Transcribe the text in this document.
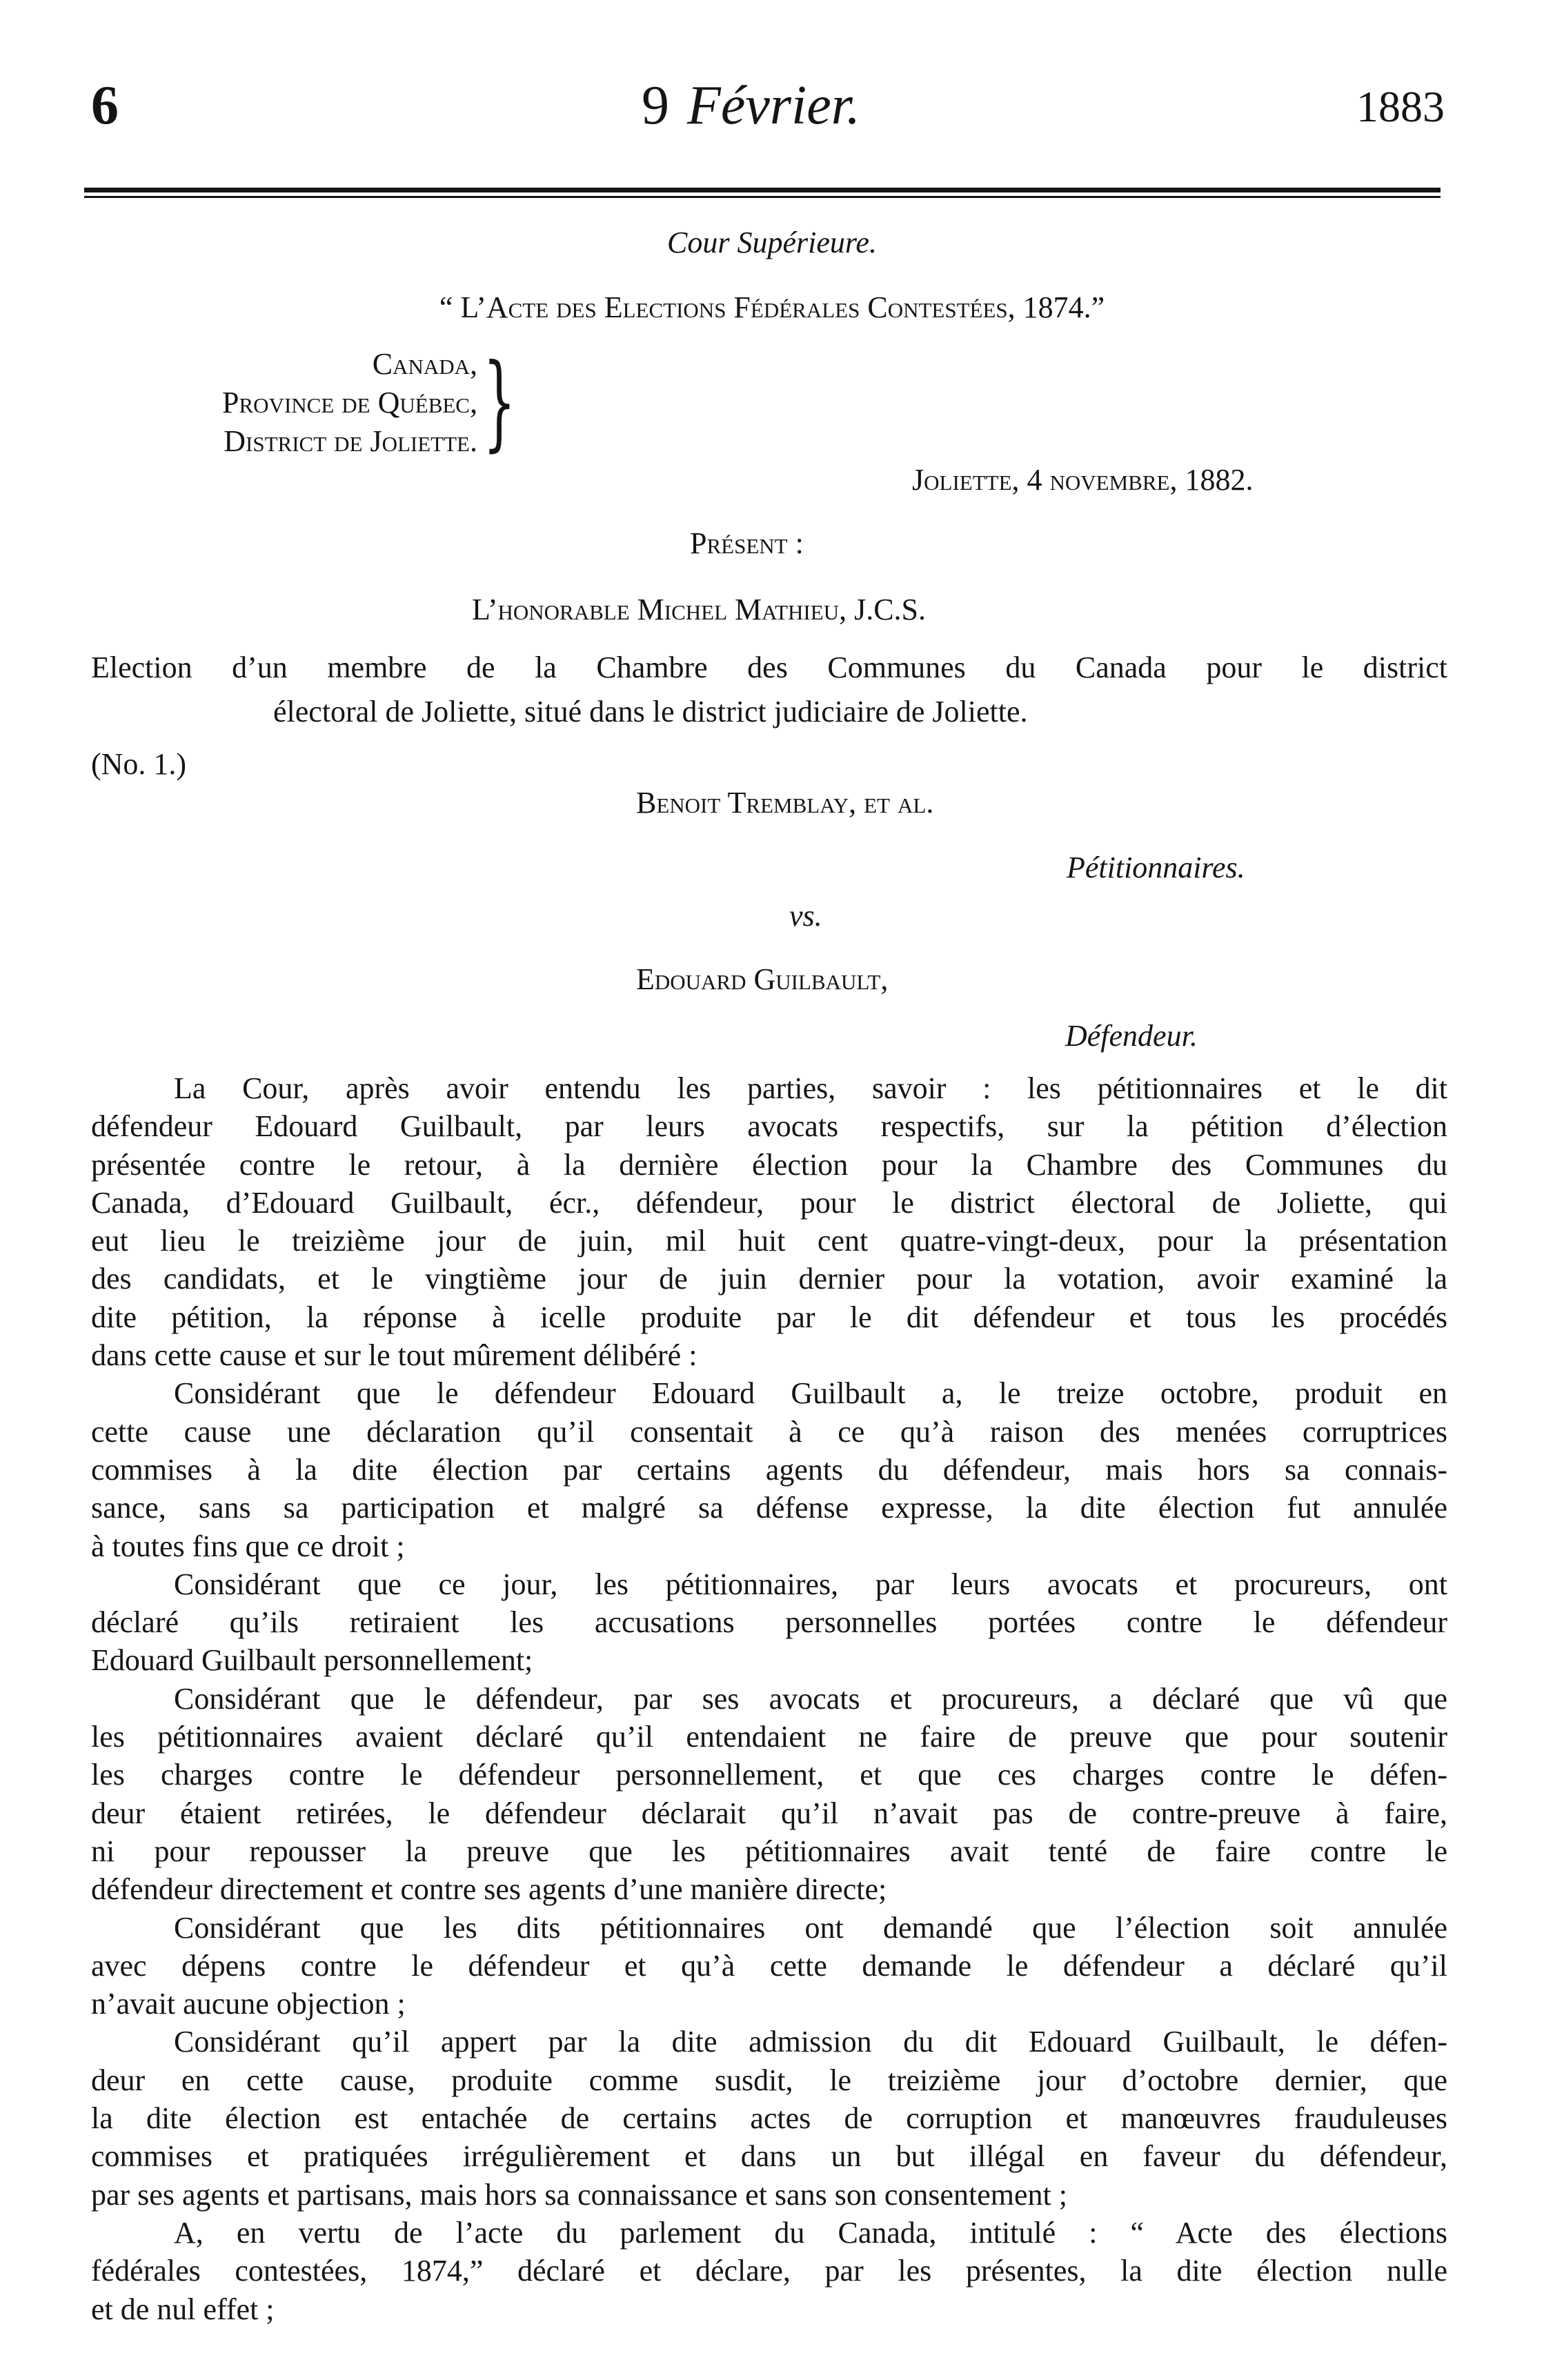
6	9 Février.	1883
Cour Supérieure.
“ L’Acte des Elections Fédérales Contestées, 1874.”
Canada,
Province de Québec,
District de Joliette. }
Joliette, 4 novembre, 1882.
Présent :
L’honorable Michel Mathieu, J.C.S.
Election d’un membre de la Chambre des Communes du Canada pour le district
électoral de Joliette, situé dans le district judiciaire de Joliette.
(No. 1.)
Benoit Tremblay, et al.
Pétitionnaires.
vs.
Edouard Guilbault,
Défendeur.
La Cour, après avoir entendu les parties, savoir : les pétitionnaires et le dit
défendeur Edouard Guilbault, par leurs avocats respectifs, sur la pétition d’élection
présentée contre le retour, à la dernière élection pour la Chambre des Communes du
Canada, d’Edouard Guilbault, écr., défendeur, pour le district électoral de Joliette, qui
eut lieu le treizième jour de juin, mil huit cent quatre-vingt-deux, pour la présentation
des candidats, et le vingtième jour de juin dernier pour la votation, avoir examiné la
dite pétition, la réponse à icelle produite par le dit défendeur et tous les procédés
dans cette cause et sur le tout mûrement délibéré :
Considérant que le défendeur Edouard Guilbault a, le treize octobre, produit en
cette cause une déclaration qu’il consentait à ce qu’à raison des menées corruptrices
commises à la dite élection par certains agents du défendeur, mais hors sa connais-
sance, sans sa participation et malgré sa défense expresse, la dite élection fut annulée
à toutes fins que ce droit ;
Considérant que ce jour, les pétitionnaires, par leurs avocats et procureurs, ont
déclaré qu’ils retiraient les accusations personnelles portées contre le défendeur
Edouard Guilbault personnellement;
Considérant que le défendeur, par ses avocats et procureurs, a déclaré que vû que
les pétitionnaires avaient déclaré qu’il entendaient ne faire de preuve que pour soutenir
les charges contre le défendeur personnellement, et que ces charges contre le défen-
deur étaient retirées, le défendeur déclarait qu’il n’avait pas de contre-preuve à faire,
ni pour repousser la preuve que les pétitionnaires avait tenté de faire contre le
défendeur directement et contre ses agents d’une manière directe;
Considérant que les dits pétitionnaires ont demandé que l’élection soit annulée
avec dépens contre le défendeur et qu’à cette demande le défendeur a déclaré qu’il
n’avait aucune objection ;
Considérant qu’il appert par la dite admission du dit Edouard Guilbault, le défen-
deur en cette cause, produite comme susdit, le treizième jour d’octobre dernier, que
la dite élection est entachée de certains actes de corruption et manœuvres frauduleuses
commises et pratiquées irrégulièrement et dans un but illégal en faveur du défendeur,
par ses agents et partisans, mais hors sa connaissance et sans son consentement ;
A, en vertu de l’acte du parlement du Canada, intitulé : “ Acte des élections
fédérales contestées, 1874,” déclaré et déclare, par les présentes, la dite élection nulle
et de nul effet ;
